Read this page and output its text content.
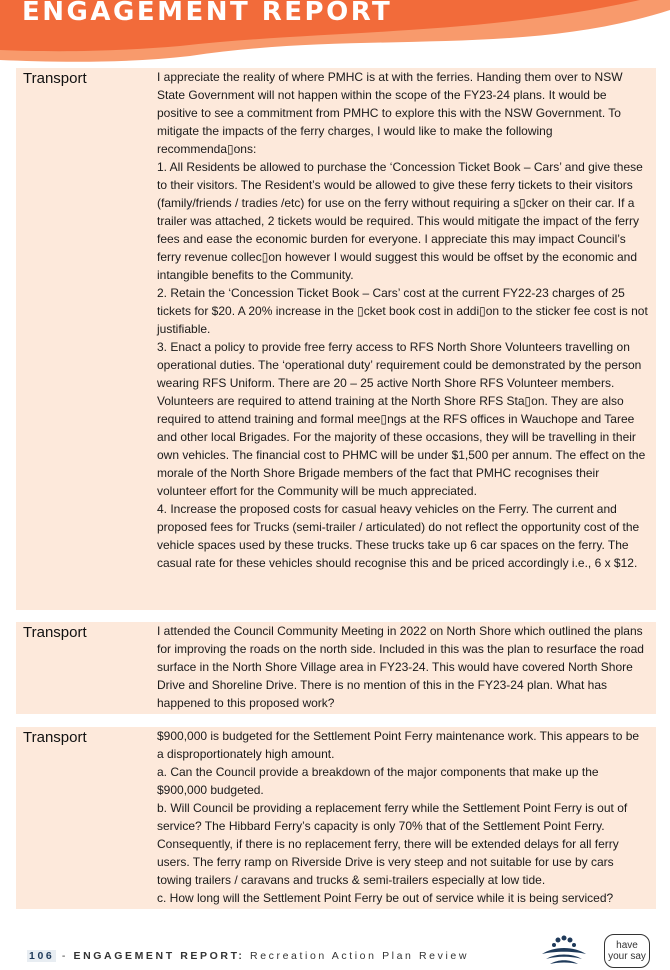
ENGAGEMENT REPORT
Transport	I appreciate the reality of where PMHC is at with the ferries. Handing them over to NSW State Government will not happen within the scope of the FY23-24 plans. It would be positive to see a commitment from PMHC to explore this with the NSW Government. To mitigate the impacts of the ferry charges, I would like to make the following recommenda▯ons:

1. All Residents be allowed to purchase the ‘Concession Ticket Book – Cars’ and give these to their visitors. The Resident’s would be allowed to give these ferry tickets to their visitors (family/friends / tradies /etc) for use on the ferry without requiring a s▯cker on their car. If a trailer was attached, 2 tickets would be required. This would mitigate the impact of the ferry fees and ease the economic burden for everyone. I appreciate this may impact Council’s ferry revenue collec▯on however I would suggest this would be offset by the economic and intangible benefits to the Community.

2. Retain the ‘Concession Ticket Book – Cars’ cost at the current FY22-23 charges of 25 tickets for $20. A 20% increase in the ▯cket book cost in addi▯on to the sticker fee cost is not justifiable.

3. Enact a policy to provide free ferry access to RFS North Shore Volunteers travelling on operational duties. The ‘operational duty’ requirement could be demonstrated by the person wearing RFS Uniform. There are 20 – 25 active North Shore RFS Volunteer members.

Volunteers are required to attend training at the North Shore RFS Sta▯on. They are also required to attend training and formal mee▯ngs at the RFS offices in Wauchope and Taree and other local Brigades. For the majority of these occasions, they will be travelling in their own vehicles. The financial cost to PHMC will be under $1,500 per annum. The effect on the morale of the North Shore Brigade members of the fact that PMHC recognises their volunteer effort for the Community will be much appreciated.

4. Increase the proposed costs for casual heavy vehicles on the Ferry. The current and proposed fees for Trucks (semi-trailer / articulated) do not reflect the opportunity cost of the vehicle spaces used by these trucks. These trucks take up 6 car spaces on the ferry. The casual rate for these vehicles should recognise this and be priced accordingly i.e., 6 x $12.

Transport	I attended the Council Community Meeting in 2022 on North Shore which outlined the plans for improving the roads on the north side. Included in this was the plan to resurface the road surface in the North Shore Village area in FY23-24. This would have covered North Shore Drive and Shoreline Drive. There is no mention of this in the FY23-24 plan. What has happened to this proposed work?

Transport	$900,000 is budgeted for the Settlement Point Ferry maintenance work. This appears to be a disproportionately high amount.

a. Can the Council provide a breakdown of the major components that make up the $900,000 budgeted.

b. Will Council be providing a replacement ferry while the Settlement Point Ferry is out of service? The Hibbard Ferry’s capacity is only 70% that of the Settlement Point Ferry. Consequently, if there is no replacement ferry, there will be extended delays for all ferry users. The ferry ramp on Riverside Drive is very steep and not suitable for use by cars towing trailers / caravans and trucks & semi-trailers especially at low tide.

c. How long will the Settlement Point Ferry be out of service while it is being serviced?

106 - ENGAGEMENT REPORT: Recreation Action Plan Review
have
your say
